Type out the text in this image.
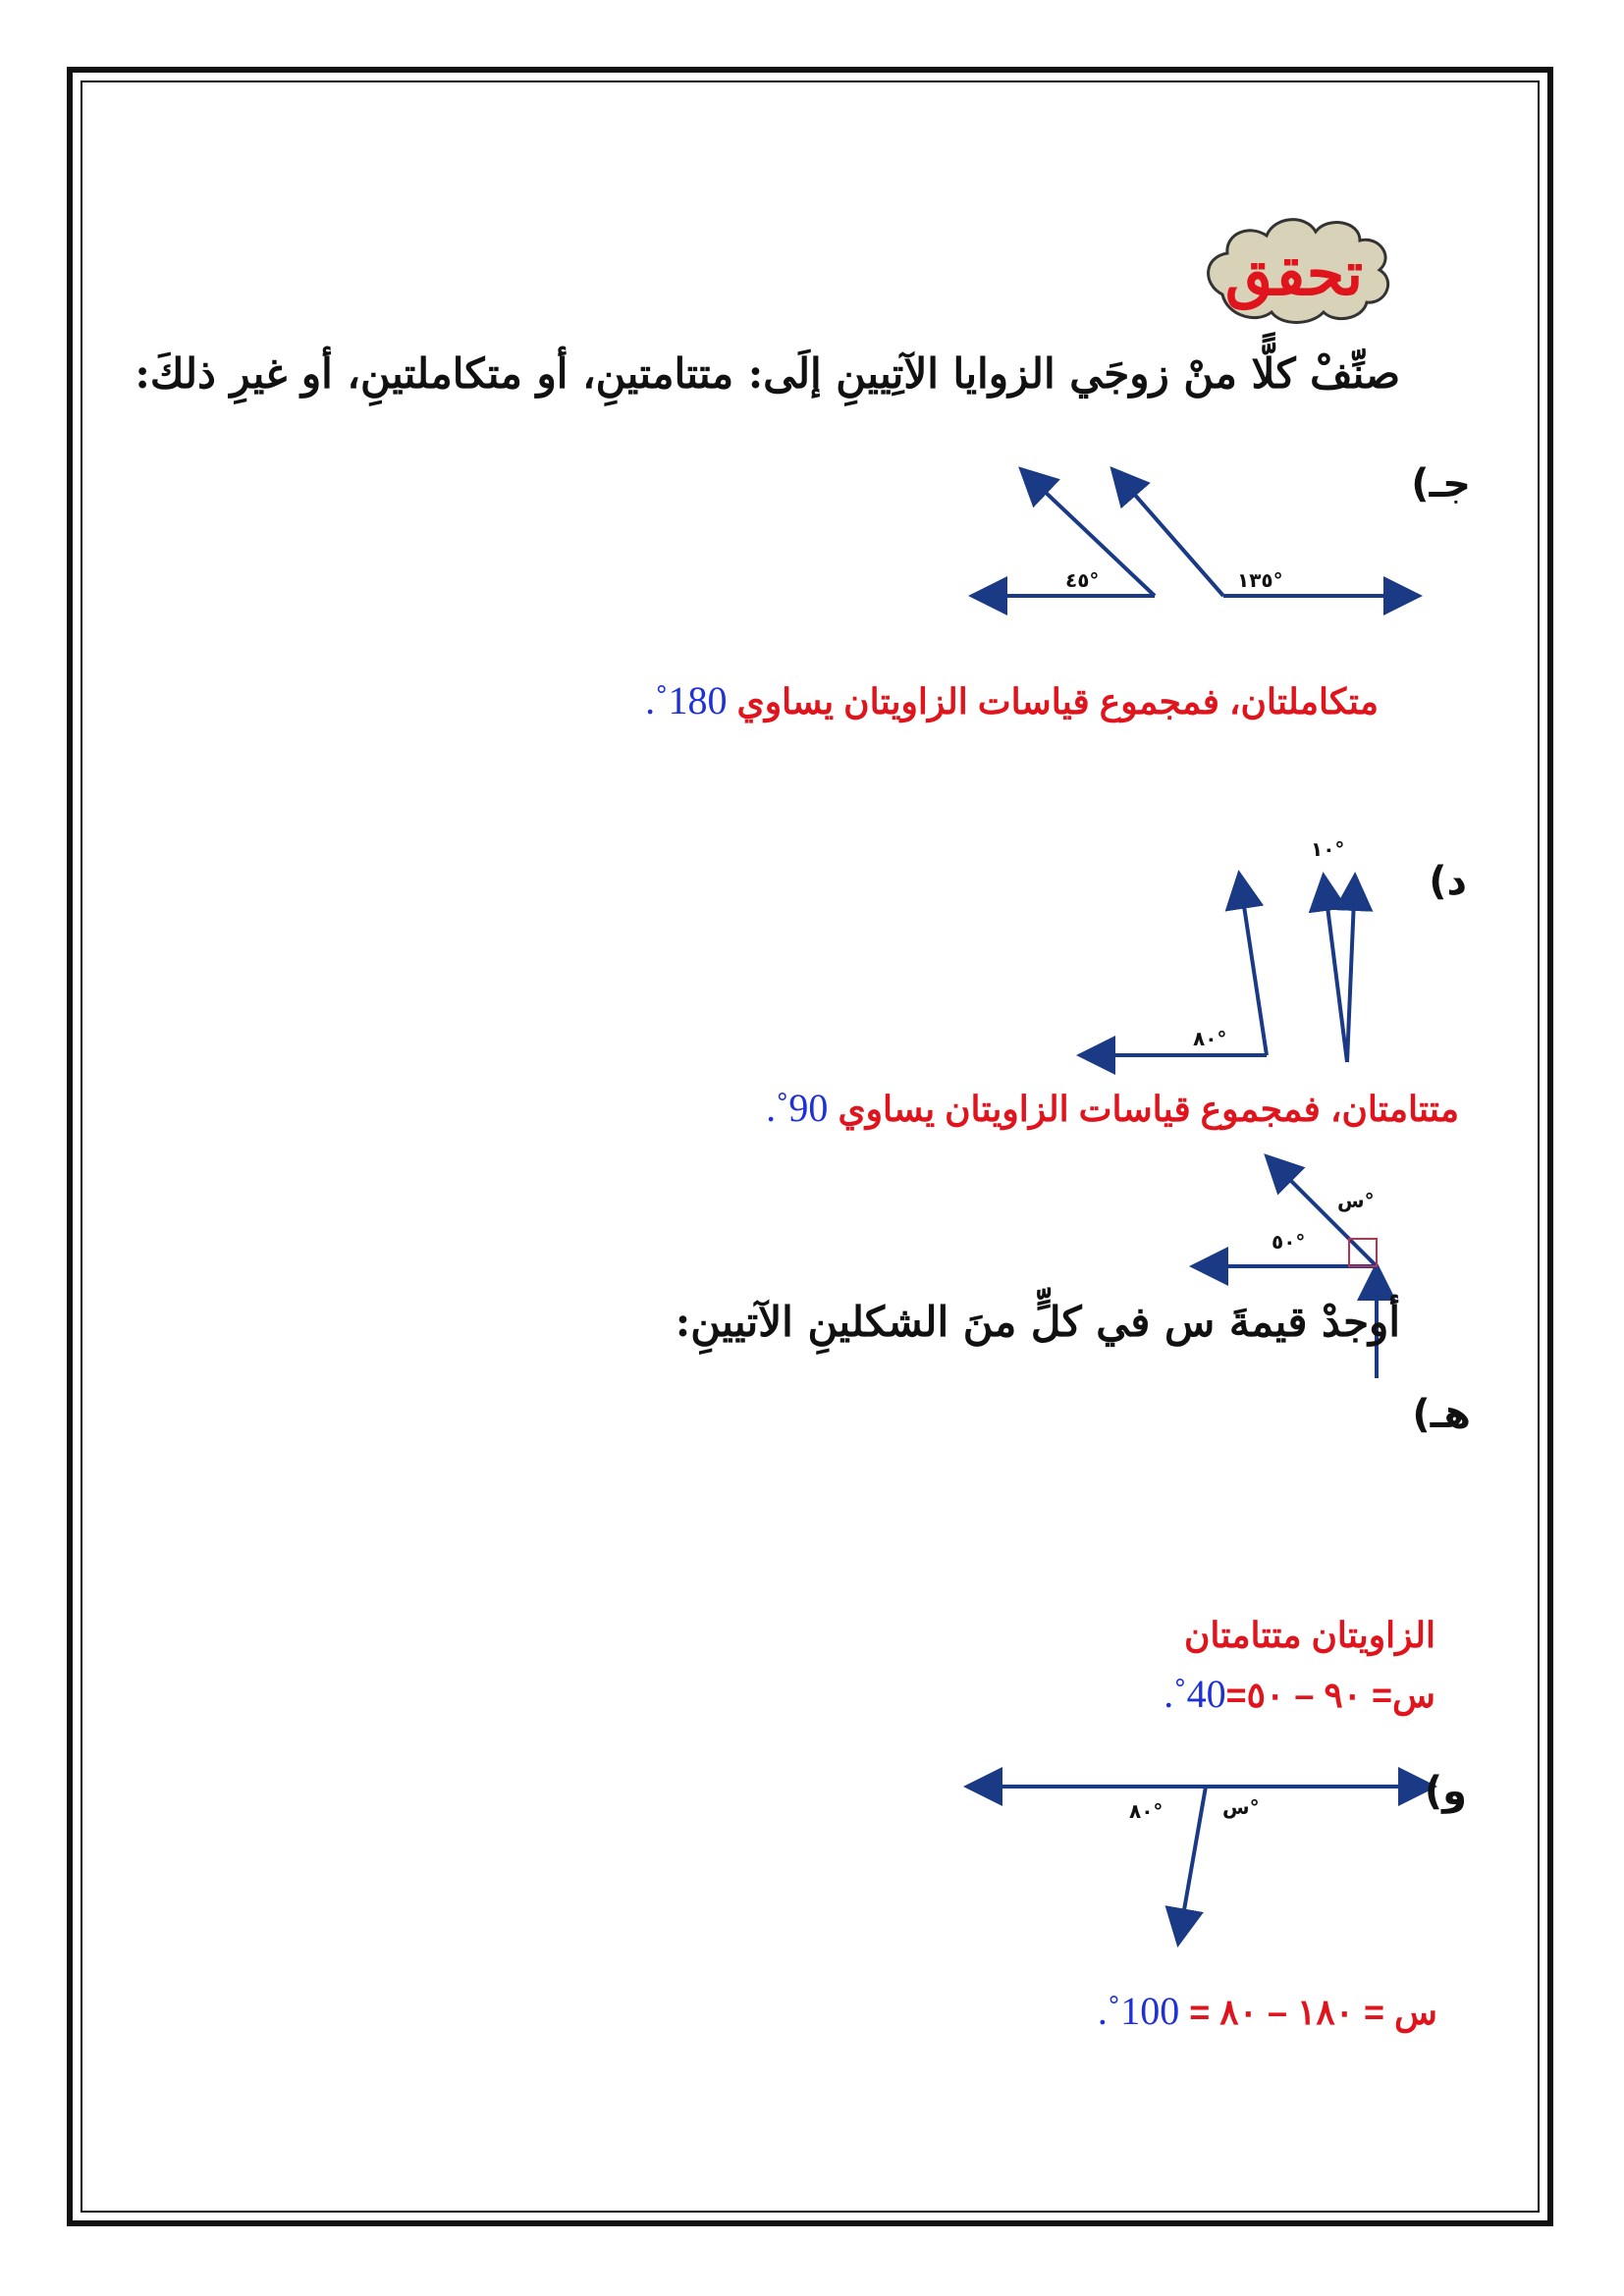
تحقق
٤٥°	١٣٥°
٨٠°
١٠°
٥٠°
س°
٨٠°	س°
صنِّفْ كلًّا منْ زوجَي الزوايا الآتِيينِ إلَى: متتامتينِ، أو متكاملتينِ، أو غيرِ ذلكَ:
جـ)
متكاملتان، فمجموع قياسات الزاويتان يساوي 180˚.
د)
متتامتان، فمجموع قياسات الزاويتان يساوي 90˚.
أوجدْ قيمةَ س في كلٍّ منَ الشكلينِ الآتيينِ:
هـ)
الزاويتان متتامتان
س= ٩٠ – ٥٠=40˚.
و)
س = ١٨٠ – ٨٠ = 100˚.
